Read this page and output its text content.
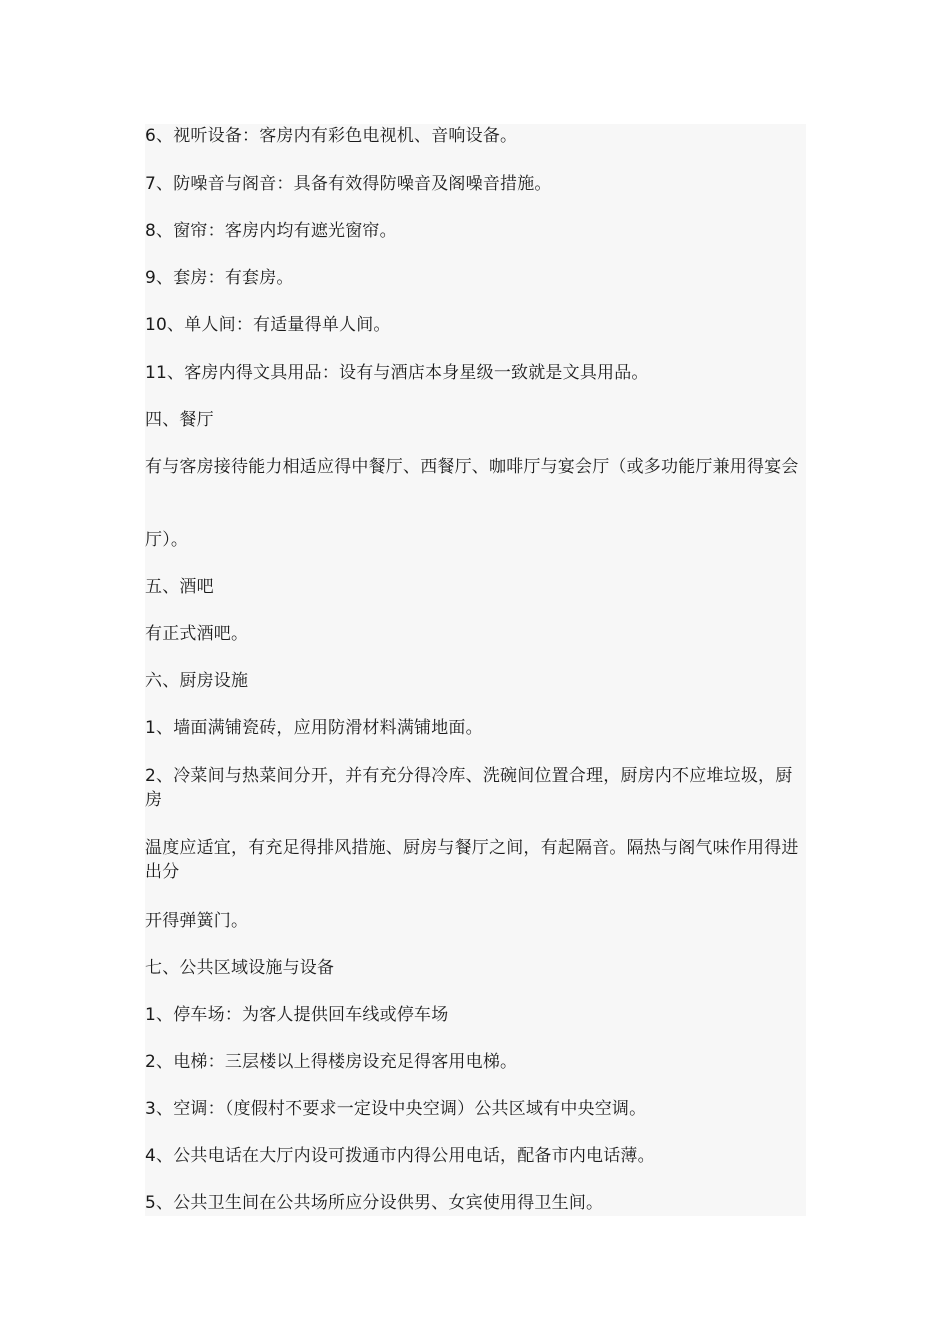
6、视听设备：客房内有彩色电视机、音响设备。
7、防噪音与阁音：具备有效得防噪音及阁噪音措施。
8、窗帘：客房内均有遮光窗帘。
9、套房：有套房。
10、单人间：有适量得单人间。
11、客房内得文具用品：设有与酒店本身星级一致就是文具用品。
四、餐厅
有与客房接待能力相适应得中餐厅、西餐厅、咖啡厅与宴会厅（或多功能厅兼用得宴会
厅）。
五、酒吧
有正式酒吧。
六、厨房设施
1、墙面满铺瓷砖，应用防滑材料满铺地面。
2、冷菜间与热菜间分开，并有充分得冷库、洗碗间位置合理，厨房内不应堆垃圾，厨房
温度应适宜，有充足得排风措施、厨房与餐厅之间，有起隔音。隔热与阁气味作用得进出分
开得弹簧门。
七、公共区域设施与设备
1、停车场：为客人提供回车线或停车场
2、电梯：三层楼以上得楼房设充足得客用电梯。
3、空调：（度假村不要求一定设中央空调）公共区域有中央空调。
4、公共电话在大厅内设可拨通市内得公用电话，配备市内电话薄。
5、公共卫生间在公共场所应分设供男、女宾使用得卫生间。
